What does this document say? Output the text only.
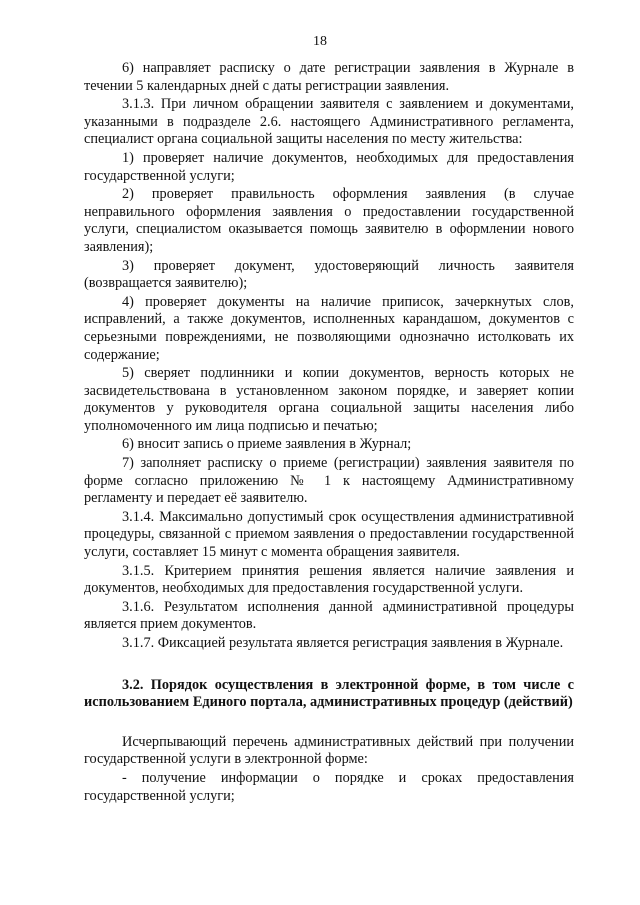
18

6) направляет расписку о дате регистрации заявления в Журнале в течении 5 календарных дней с даты регистрации заявления.

3.1.3. При личном обращении заявителя с заявлением и документами, указанными в подразделе 2.6. настоящего Административного регламента, специалист органа социальной защиты населения по месту жительства:

1) проверяет наличие документов, необходимых для предоставления государственной услуги;

2) проверяет правильность оформления заявления (в случае неправильного оформления заявления о предоставлении государственной услуги, специалистом оказывается помощь заявителю в оформлении нового заявления);

3) проверяет документ, удостоверяющий личность заявителя (возвращается заявителю);

4) проверяет документы на наличие приписок, зачеркнутых слов, исправлений, а также документов, исполненных карандашом, документов с серьезными повреждениями, не позволяющими однозначно истолковать их содержание;

5) сверяет подлинники и копии документов, верность которых не засвидетельствована в установленном законом порядке, и заверяет копии документов у руководителя органа социальной защиты населения либо уполномоченного им лица подписью и печатью;

6) вносит запись о приеме заявления в Журнал;

7) заполняет расписку о приеме (регистрации) заявления заявителя по форме согласно приложению № 1 к настоящему Административному регламенту и передает её заявителю.

3.1.4. Максимально допустимый срок осуществления административной процедуры, связанной с приемом заявления о предоставлении государственной услуги, составляет 15 минут с момента обращения заявителя.

3.1.5. Критерием принятия решения является наличие заявления и документов, необходимых для предоставления государственной услуги.

3.1.6. Результатом исполнения данной административной процедуры является прием документов.

3.1.7. Фиксацией результата является регистрация заявления в Журнале.

3.2. Порядок осуществления в электронной форме, в том числе с использованием Единого портала, административных процедур (действий)

Исчерпывающий перечень административных действий при получении государственной услуги в электронной форме:

- получение информации о порядке и сроках предоставления государственной услуги;
